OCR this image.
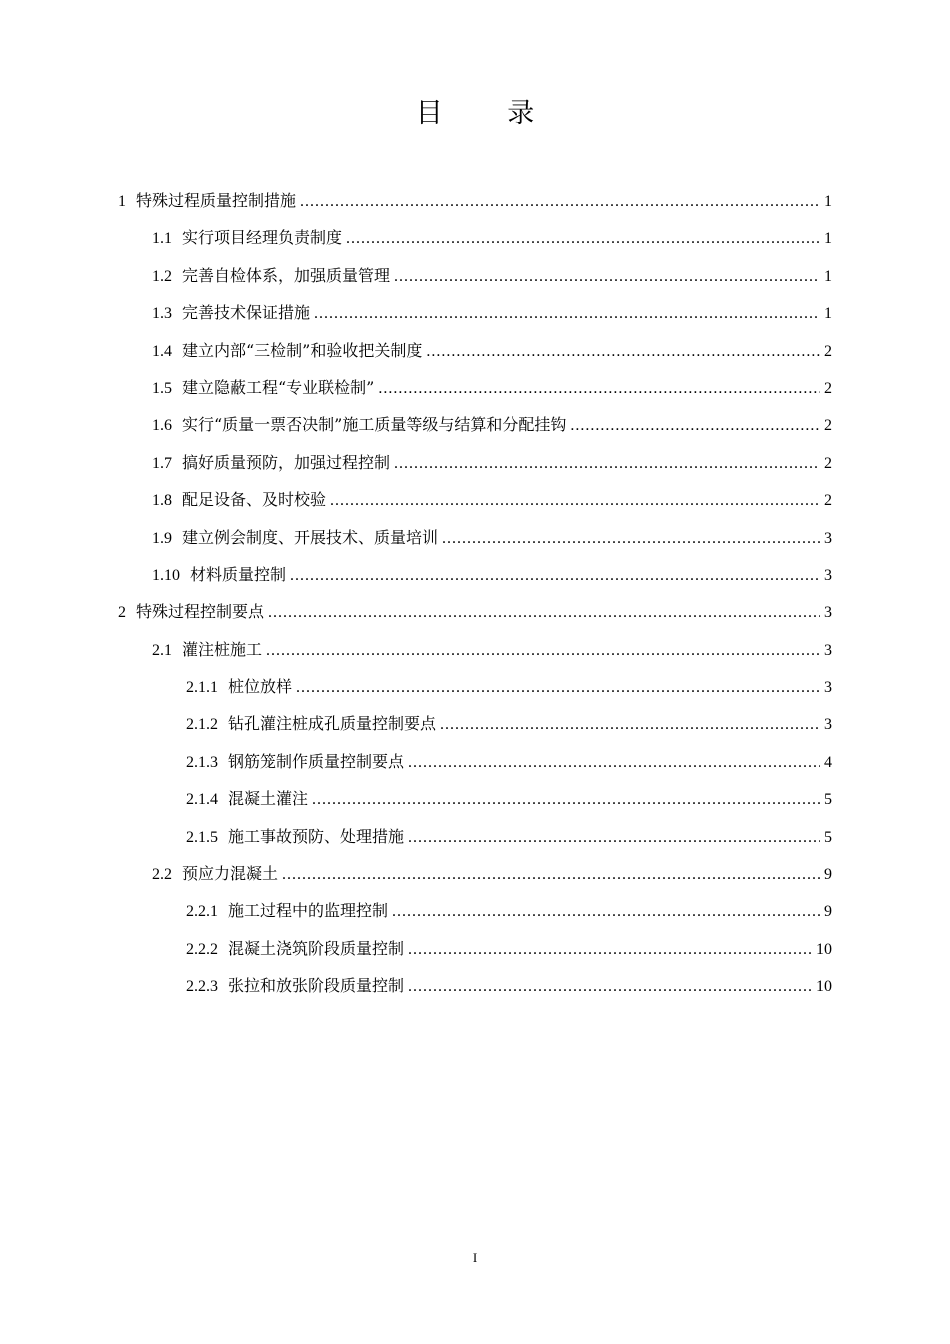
目 录
1 特殊过程质量控制措施 .....	1
1.1 实行项目经理负责制度 .....	1
1.2 完善自检体系，加强质量管理 .....	1
1.3 完善技术保证措施 .....	1
1.4 建立内部“三检制”和验收把关制度 .....	2
1.5 建立隐蔽工程“专业联检制” .....	2
1.6 实行“质量一票否决制”施工质量等级与结算和分配挂钩 .....	2
1.7 搞好质量预防，加强过程控制 .....	2
1.8 配足设备、及时校验 .....	2
1.9 建立例会制度、开展技术、质量培训 .....	3
1.10 材料质量控制 .....	3
2 特殊过程控制要点 .....	3
2.1 灌注桩施工 .....	3
2.1.1 桩位放样 .....	3
2.1.2 钻孔灌注桩成孔质量控制要点 .....	3
2.1.3 钢筋笼制作质量控制要点 .....	4
2.1.4 混凝土灌注 .....	5
2.1.5 施工事故预防、处理措施 .....	5
2.2 预应力混凝土 .....	9
2.2.1 施工过程中的监理控制 .....	9
2.2.2 混凝土浇筑阶段质量控制 .....	10
2.2.3 张拉和放张阶段质量控制 .....	10
I
